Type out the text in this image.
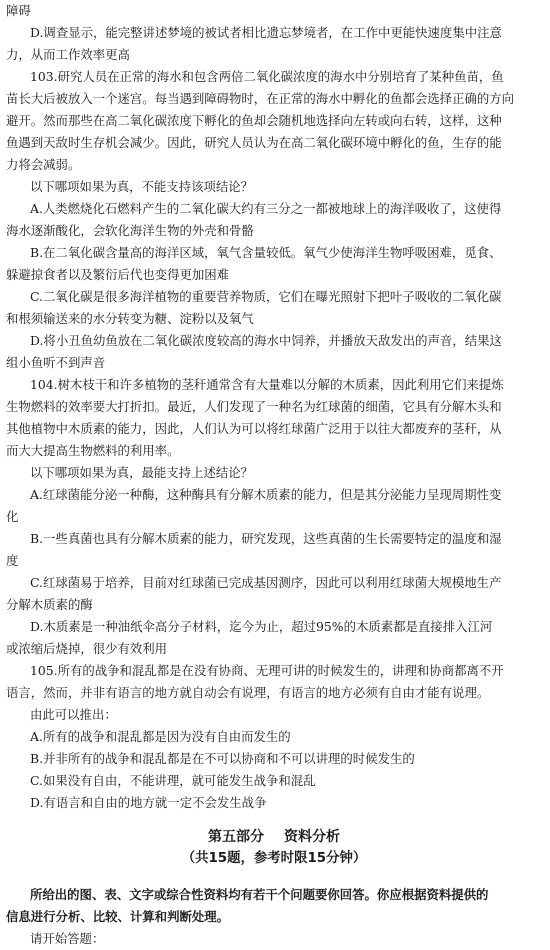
障碍

D.调查显示，能完整讲述梦境的被试者相比遗忘梦境者，在工作中更能快速度集中注意

力，从而工作效率更高

103.研究人员在正常的海水和包含两倍二氧化碳浓度的海水中分别培育了某种鱼苗，鱼

苗长大后被放入一个迷宫。每当遇到障碍物时，在正常的海水中孵化的鱼都会选择正确的方向

避开。然而那些在高二氧化碳浓度下孵化的鱼却会随机地选择向左转或向右转，这样，这种

鱼遇到天敌时生存机会减少。因此，研究人员认为在高二氧化碳环境中孵化的鱼，生存的能

力将会减弱。

以下哪项如果为真，不能支持该项结论？

A.人类燃烧化石燃料产生的二氧化碳大约有三分之一都被地球上的海洋吸收了，这使得

海水逐渐酸化，会软化海洋生物的外壳和骨骼

B.在二氧化碳含量高的海洋区域，氧气含量较低。氧气少使海洋生物呼吸困难，觅食、

躲避掠食者以及繁衍后代也变得更加困难

C.二氧化碳是很多海洋植物的重要营养物质，它们在曝光照射下把叶子吸收的二氧化碳

和根须输送来的水分转变为糖、淀粉以及氧气

D.将小丑鱼幼鱼放在二氧化碳浓度较高的海水中饲养，并播放天敌发出的声音，结果这

组小鱼听不到声音

104.树木枝干和许多植物的茎秆通常含有大量难以分解的木质素，因此利用它们来提炼

生物燃料的效率要大打折扣。最近，人们发现了一种名为红球菌的细菌，它具有分解木头和

其他植物中木质素的能力，因此，人们认为可以将红球菌广泛用于以往大都废弃的茎秆，从

而大大提高生物燃料的利用率。

以下哪项如果为真，最能支持上述结论？

A.红球菌能分泌一种酶，这种酶具有分解木质素的能力，但是其分泌能力呈现周期性变

化

B.一些真菌也具有分解木质素的能力，研究发现，这些真菌的生长需要特定的温度和湿

度

C.红球菌易于培养，目前对红球菌已完成基因测序，因此可以利用红球菌大规模地生产

分解木质素的酶

D.木质素是一种油纸伞高分子材料，迄今为止，超过95%的木质素都是直接排入江河

或浓缩后烧掉，很少有效利用

105.所有的战争和混乱都是在没有协商、无理可讲的时候发生的，讲理和协商都离不开

语言，然而，并非有语言的地方就自动会有说理，有语言的地方必须有自由才能有说理。

由此可以推出：

A.所有的战争和混乱都是因为没有自由而发生的

B.并非所有的战争和混乱都是在不可以协商和不可以讲理的时候发生的

C.如果没有自由，不能讲理，就可能发生战争和混乱

D.有语言和自由的地方就一定不会发生战争

第五部分 资料分析
（共15题，参考时限15分钟）

所给出的图、表、文字或综合性资料均有若干个问题要你回答。你应根据资料提供的

信息进行分析、比较、计算和判断处理。

请开始答题：
